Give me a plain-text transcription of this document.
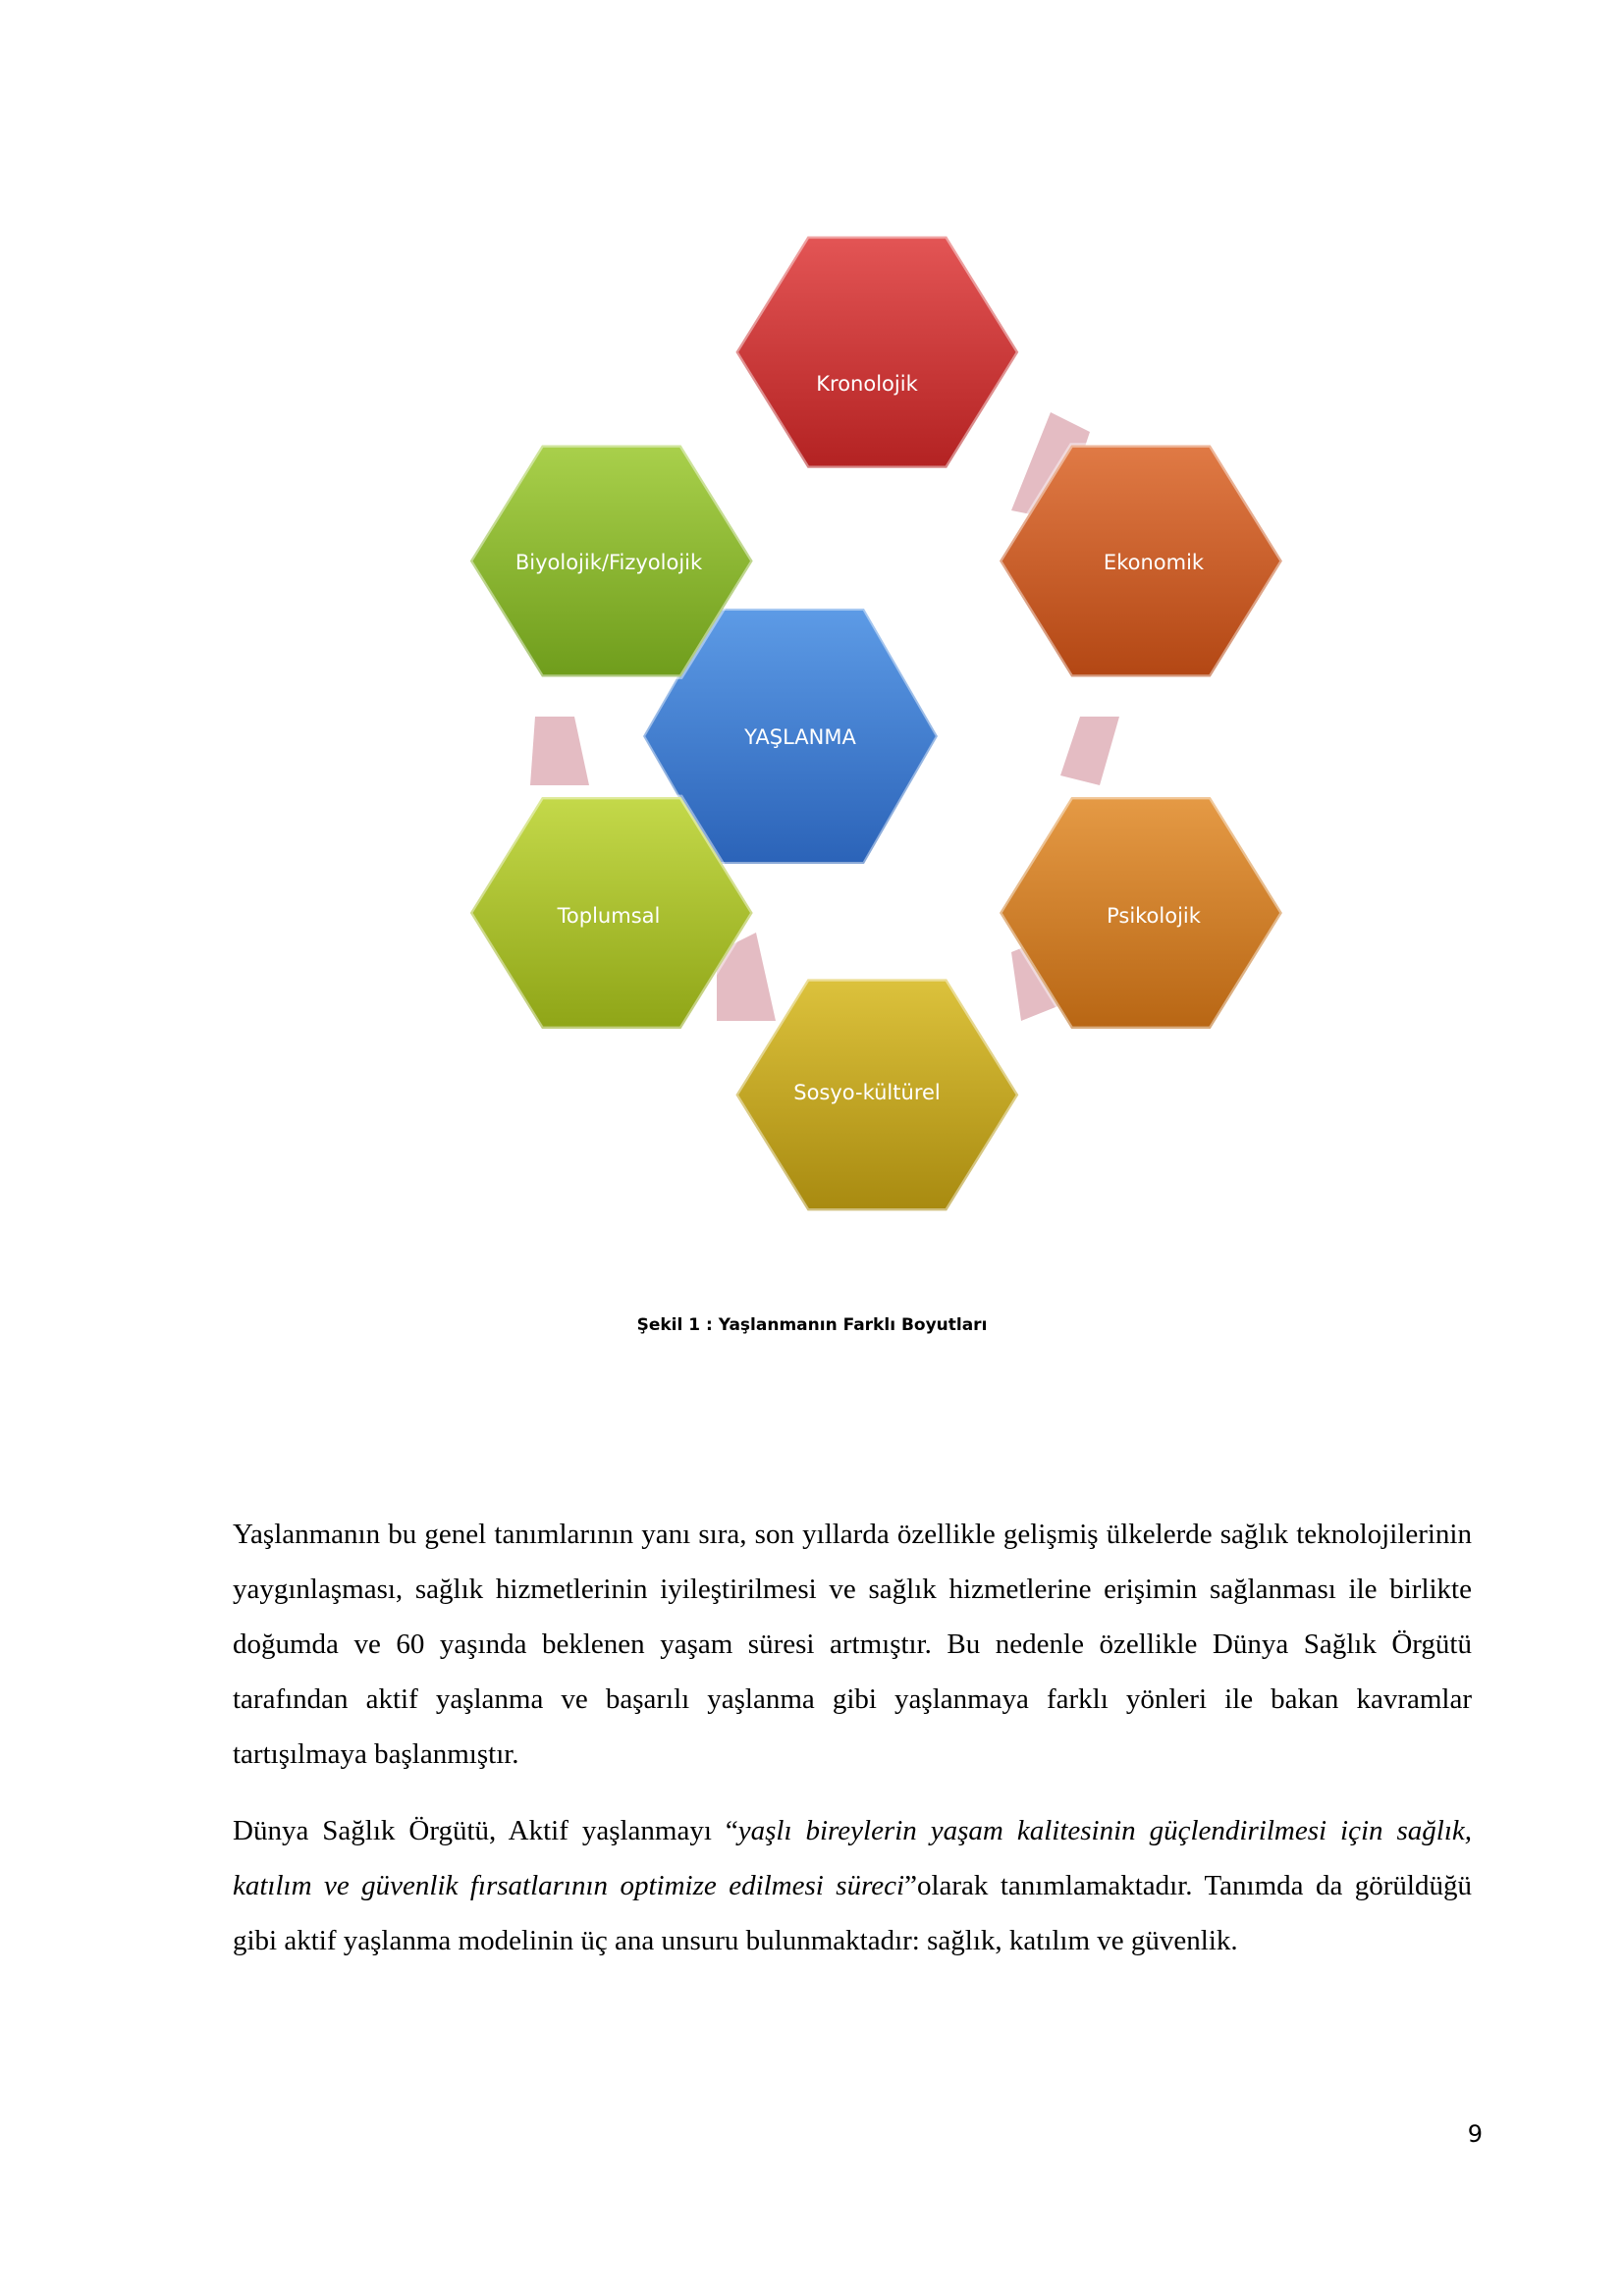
YAŞLANMA
Kronolojik
Ekonomik
Psikolojik
Sosyo-kültürel
Toplumsal
Biyolojik/Fizyolojik
Şekil 1 : Yaşlanmanın Farklı Boyutları

Yaşlanmanın bu genel tanımlarının yanı sıra, son yıllarda özellikle gelişmiş ülkelerde sağlık teknolojilerinin yaygınlaşması, sağlık hizmetlerinin iyileştirilmesi ve sağlık hizmetlerine erişimin sağlanması ile birlikte doğumda ve 60 yaşında beklenen yaşam süresi artmıştır. Bu nedenle özellikle Dünya Sağlık Örgütü tarafından aktif yaşlanma ve başarılı yaşlanma gibi yaşlanmaya farklı yönleri ile bakan kavramlar tartışılmaya başlanmıştır.

Dünya Sağlık Örgütü, Aktif yaşlanmayı “yaşlı bireylerin yaşam kalitesinin güçlendirilmesi için sağlık, katılım ve güvenlik fırsatlarının optimize edilmesi süreci”olarak tanımlamaktadır. Tanımda da görüldüğü gibi aktif yaşlanma modelinin üç ana unsuru bulunmaktadır: sağlık, katılım ve güvenlik.

9
